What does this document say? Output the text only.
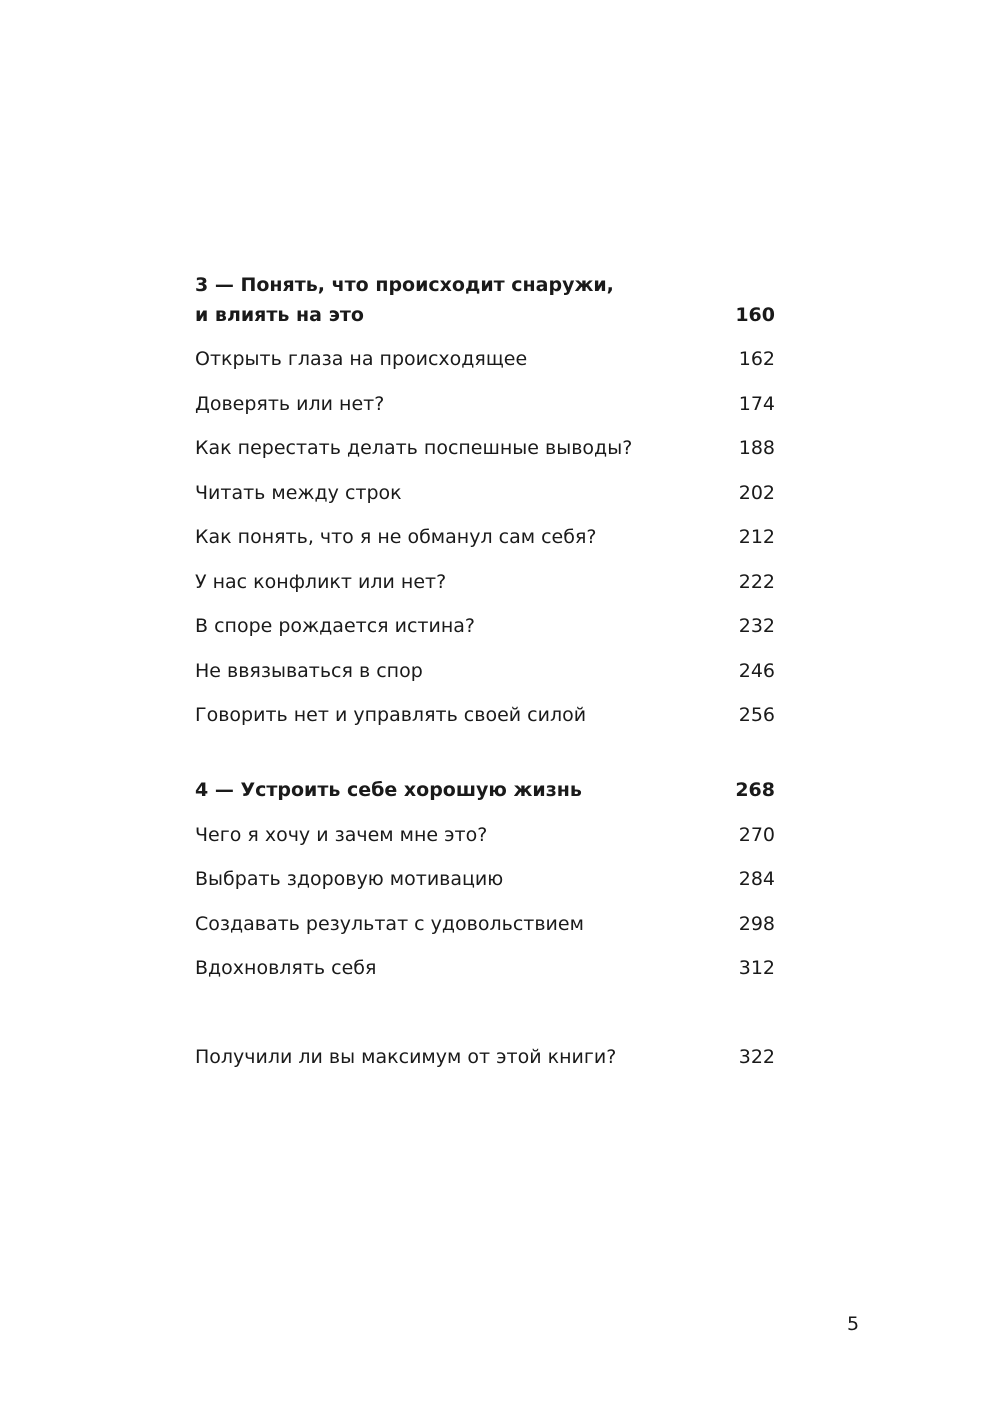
3 — Понять, что происходит снаружи,
и влиять на это	160
Открыть глаза на происходящее	162
Доверять или нет?	174
Как перестать делать поспешные выводы?	188
Читать между строк	202
Как понять, что я не обманул сам себя?	212
У нас конфликт или нет?	222
В споре рождается истина?	232
Не ввязываться в спор	246
Говорить нет и управлять своей силой	256
4 — Устроить себе хорошую жизнь	268
Чего я хочу и зачем мне это?	270
Выбрать здоровую мотивацию	284
Создавать результат с удовольствием	298
Вдохновлять себя	312
Получили ли вы максимум от этой книги?	322
5
